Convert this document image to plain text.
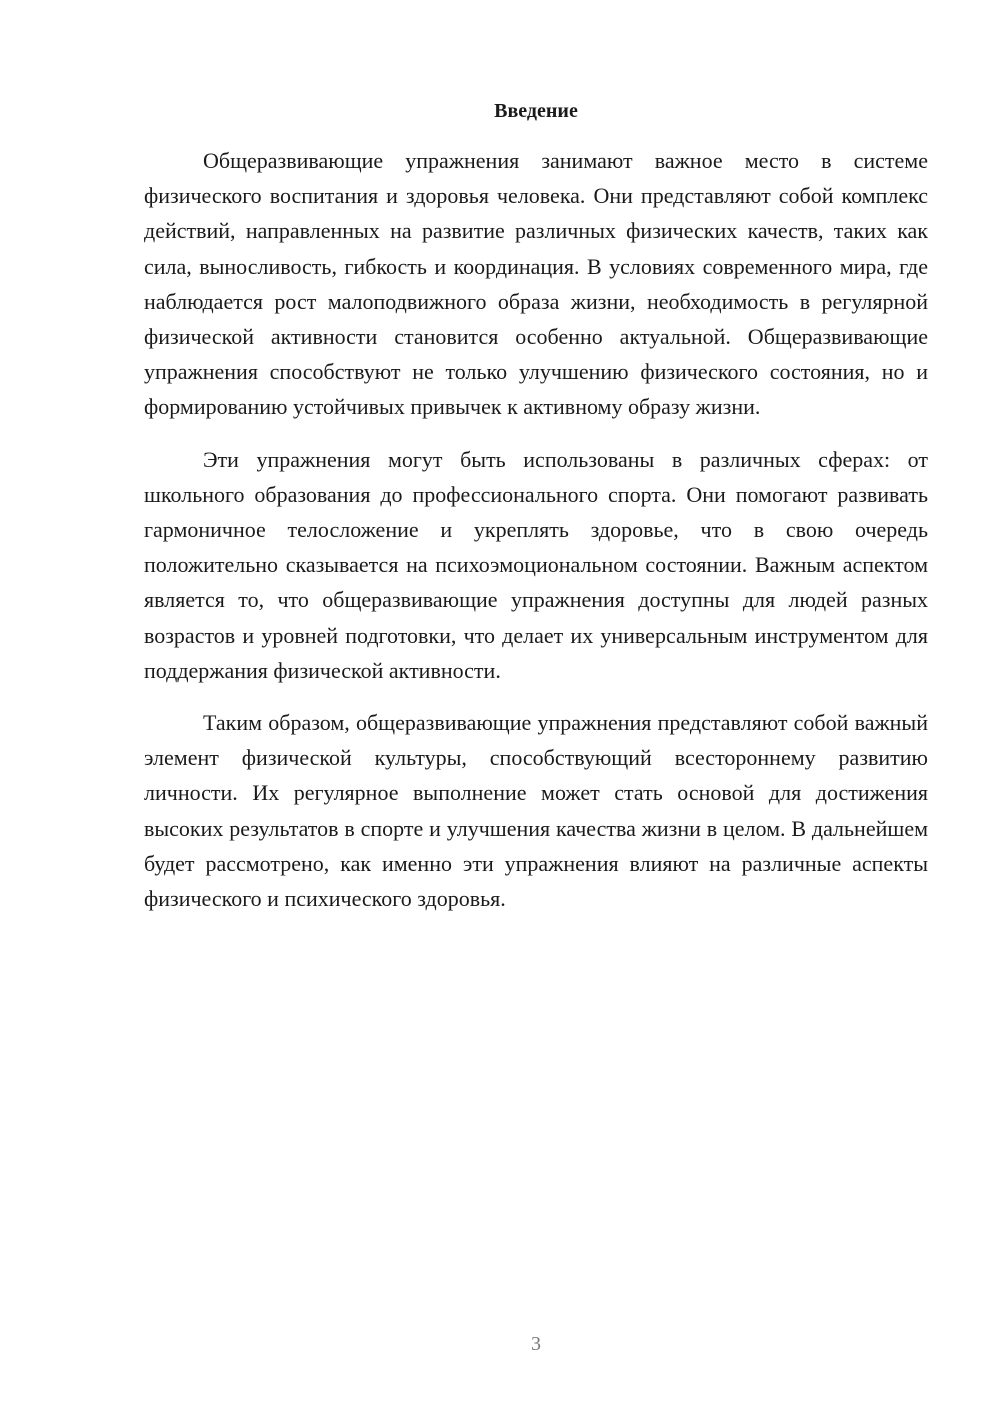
Введение

Общеразвивающие упражнения занимают важное место в системе физического воспитания и здоровья человека. Они представляют собой комплекс действий, направленных на развитие различных физических качеств, таких как сила, выносливость, гибкость и координация. В условиях современного мира, где наблюдается рост малоподвижного образа жизни, необходимость в регулярной физической активности становится особенно актуальной. Общеразвивающие упражнения способствуют не только улучшению физического состояния, но и формированию устойчивых привычек к активному образу жизни.

Эти упражнения могут быть использованы в различных сферах: от школьного образования до профессионального спорта. Они помогают развивать гармоничное телосложение и укреплять здоровье, что в свою очередь положительно сказывается на психоэмоциональном состоянии. Важным аспектом является то, что общеразвивающие упражнения доступны для людей разных возрастов и уровней подготовки, что делает их универсальным инструментом для поддержания физической активности.

Таким образом, общеразвивающие упражнения представляют собой важный элемент физической культуры, способствующий всестороннему развитию личности. Их регулярное выполнение может стать основой для достижения высоких результатов в спорте и улучшения качества жизни в целом. В дальнейшем будет рассмотрено, как именно эти упражнения влияют на различные аспекты физического и психического здоровья.

3
